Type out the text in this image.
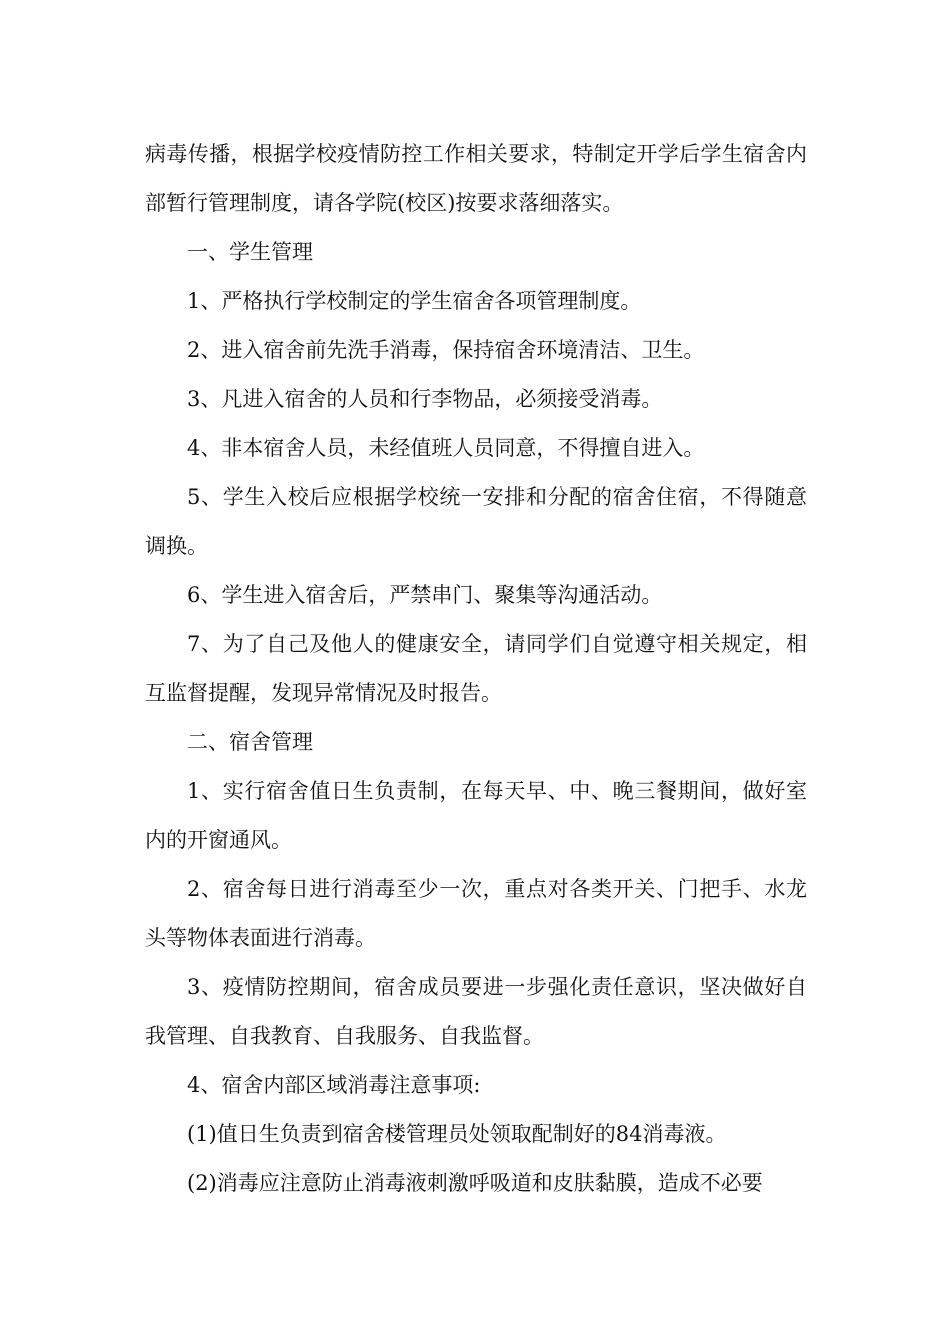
病毒传播，根据学校疫情防控工作相关要求，特制定开学后学生宿舍内部暂行管理制度，请各学院(校区)按要求落细落实。

一、学生管理

1、严格执行学校制定的学生宿舍各项管理制度。

2、进入宿舍前先洗手消毒，保持宿舍环境清洁、卫生。

3、凡进入宿舍的人员和行李物品，必须接受消毒。

4、非本宿舍人员，未经值班人员同意，不得擅自进入。

5、学生入校后应根据学校统一安排和分配的宿舍住宿，不得随意调换。

6、学生进入宿舍后，严禁串门、聚集等沟通活动。

7、为了自己及他人的健康安全，请同学们自觉遵守相关规定，相互监督提醒，发现异常情况及时报告。

二、宿舍管理

1、实行宿舍值日生负责制，在每天早、中、晚三餐期间，做好室内的开窗通风。

2、宿舍每日进行消毒至少一次，重点对各类开关、门把手、水龙头等物体表面进行消毒。

3、疫情防控期间，宿舍成员要进一步强化责任意识，坚决做好自我管理、自我教育、自我服务、自我监督。

4、宿舍内部区域消毒注意事项:

(1)值日生负责到宿舍楼管理员处领取配制好的84消毒液。

(2)消毒应注意防止消毒液刺激呼吸道和皮肤黏膜，造成不必要
